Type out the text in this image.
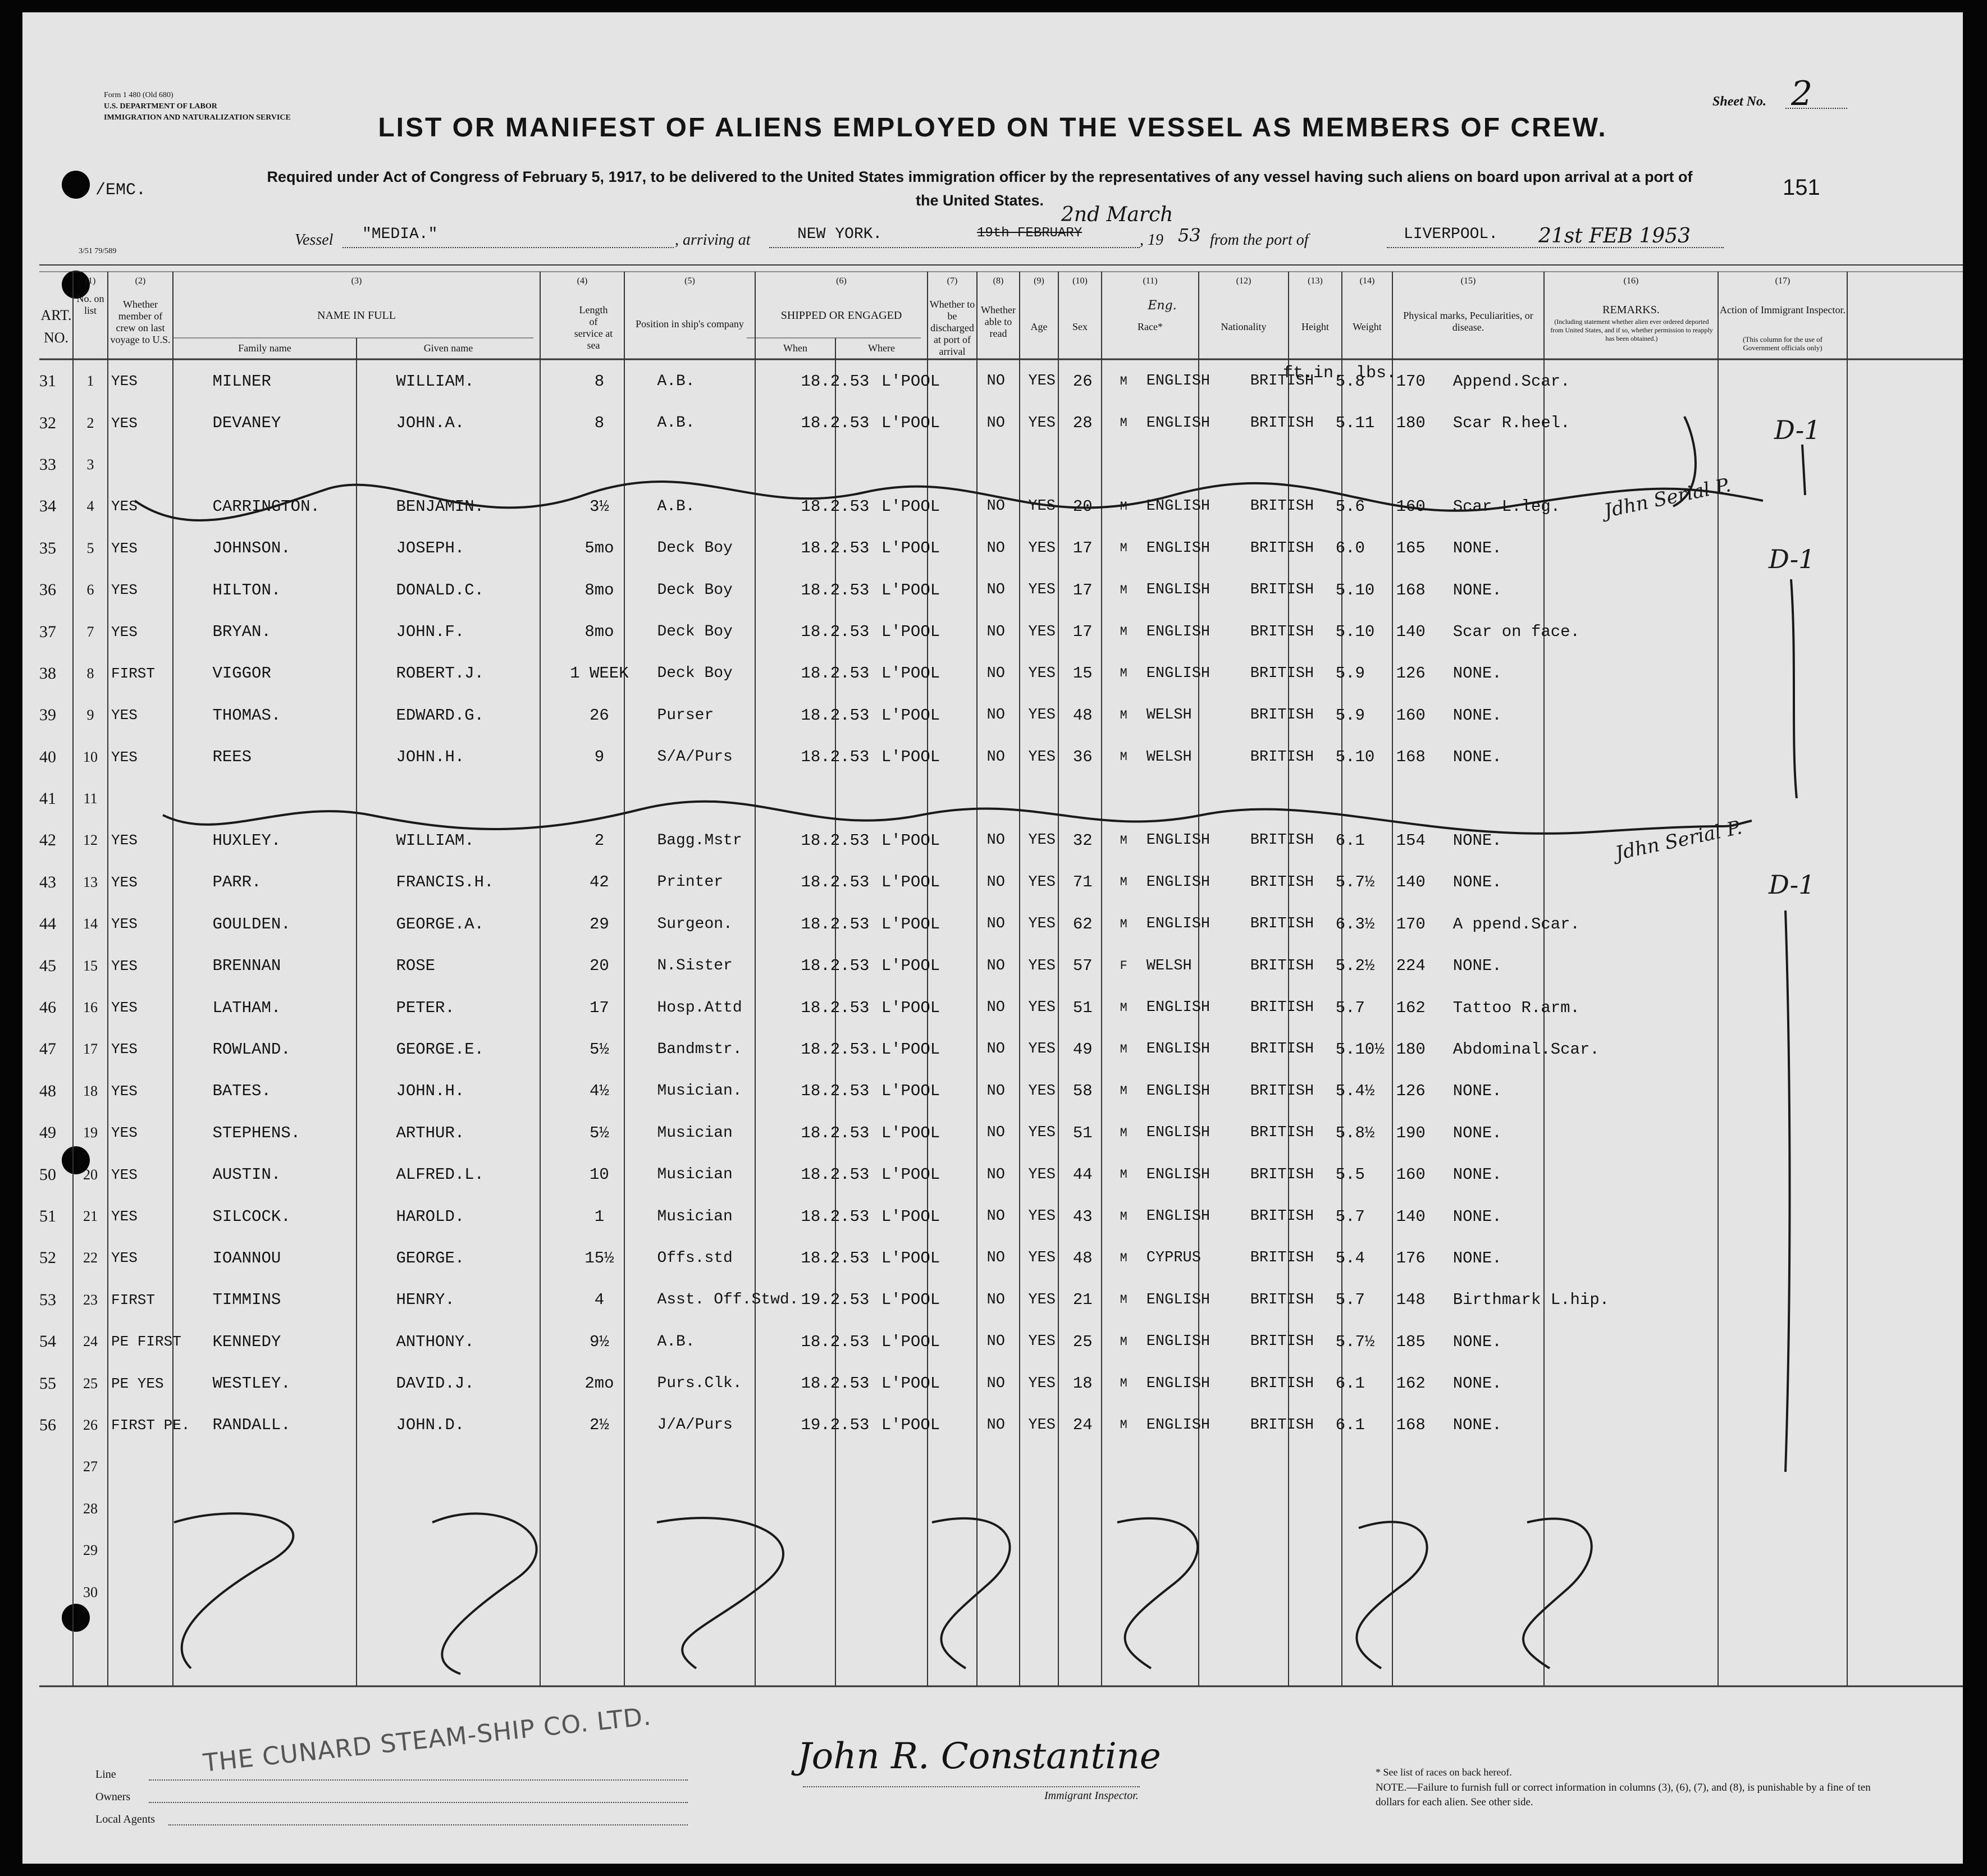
Form 1 480 (Old 680)
U.S. DEPARTMENT OF LABOR
IMMIGRATION AND NATURALIZATION SERVICE
/EMC.
3/51 79/589
Sheet No. 2
151
LIST OR MANIFEST OF ALIENS EMPLOYED ON THE VESSEL AS MEMBERS OF CREW.
Required under Act of Congress of February 5, 1917, to be delivered to the United States immigration officer by the representatives of any vessel having such aliens on board upon arrival at a port of the United States.
Vessel "MEDIA."	, arriving at	NEW YORK.	19th FEBRUARY
2nd March
, 19 53 from the port of	LIVERPOOL. 21st FEB 1953
(1)	(2)	(3)	(4)	(5)	(6)	(7)	(8)	(9)	(10)	(11)	(12)	(13)	(14)	(15)	(16)	(17)
ART. NO.
No. on list
Whether member of crew on last voyage to U.S.
NAME IN FULL
Family name	Given name
Length of service at sea
Position in ship's company
SHIPPED OR ENGAGED
When	Where
Whether to be discharged at port of arrival
Whether able to read
Age	Sex	Race*
Eng.
Nationality	Height	Weight
ft.in. lbs.
Physical marks, Peculiarities, or disease.
REMARKS.
(Including statement whether alien ever ordered deported from United States, and if so, whether permission to reapply has been obtained.)
Action of Immigrant Inspector.
(This column for the use of Government officials only)
31	1	YES	MILNER	WILLIAM.	8	A.B.	18.2.53	L'POOL	NO	YES	26	M	ENGLISH	BRITISH	5.8	170	Append.Scar.
32	2	YES	DEVANEY	JOHN.A.	8	A.B.	18.2.53	L'POOL	NO	YES	28	M	ENGLISH	BRITISH	5.11	180	Scar R.heel.
33	3																
34	4	YES	CARRINGTON.	BENJAMIN.	3½	A.B.	18.2.53	L'POOL	NO	YES	20	M	ENGLISH	BRITISH	5.6	160	Scar L.leg.
35	5	YES	JOHNSON.	JOSEPH.	5mo	Deck Boy	18.2.53	L'POOL	NO	YES	17	M	ENGLISH	BRITISH	6.0	165	NONE.
36	6	YES	HILTON.	DONALD.C.	8mo	Deck Boy	18.2.53	L'POOL	NO	YES	17	M	ENGLISH	BRITISH	5.10	168	NONE.
37	7	YES	BRYAN.	JOHN.F.	8mo	Deck Boy	18.2.53	L'POOL	NO	YES	17	M	ENGLISH	BRITISH	5.10	140	Scar on face.
38	8	FIRST	VIGGOR	ROBERT.J.	1 WEEK	Deck Boy	18.2.53	L'POOL	NO	YES	15	M	ENGLISH	BRITISH	5.9	126	NONE.
39	9	YES	THOMAS.	EDWARD.G.	26	Purser	18.2.53	L'POOL	NO	YES	48	M	WELSH	BRITISH	5.9	160	NONE.
40	10	YES	REES	JOHN.H.	9	S/A/Purs	18.2.53	L'POOL	NO	YES	36	M	WELSH	BRITISH	5.10	168	NONE.
41	11																
42	12	YES	HUXLEY.	WILLIAM.	2	Bagg.Mstr	18.2.53	L'POOL	NO	YES	32	M	ENGLISH	BRITISH	6.1	154	NONE.
43	13	YES	PARR.	FRANCIS.H.	42	Printer	18.2.53	L'POOL	NO	YES	71	M	ENGLISH	BRITISH	5.7½	140	NONE.
44	14	YES	GOULDEN.	GEORGE.A.	29	Surgeon.	18.2.53	L'POOL	NO	YES	62	M	ENGLISH	BRITISH	6.3½	170	A ppend.Scar.
45	15	YES	BRENNAN	ROSE	20	N.Sister	18.2.53	L'POOL	NO	YES	57	F	WELSH	BRITISH	5.2½	224	NONE.
46	16	YES	LATHAM.	PETER.	17	Hosp.Attd	18.2.53	L'POOL	NO	YES	51	M	ENGLISH	BRITISH	5.7	162	Tattoo R.arm.
47	17	YES	ROWLAND.	GEORGE.E.	5½	Bandmstr.	18.2.53.	L'POOL	NO	YES	49	M	ENGLISH	BRITISH	5.10½	180	Abdominal.Scar.
48	18	YES	BATES.	JOHN.H.	4½	Musician.	18.2.53	L'POOL	NO	YES	58	M	ENGLISH	BRITISH	5.4½	126	NONE.
49	19	YES	STEPHENS.	ARTHUR.	5½	Musician	18.2.53	L'POOL	NO	YES	51	M	ENGLISH	BRITISH	5.8½	190	NONE.
50	20	YES	AUSTIN.	ALFRED.L.	10	Musician	18.2.53	L'POOL	NO	YES	44	M	ENGLISH	BRITISH	5.5	160	NONE.
51	21	YES	SILCOCK.	HAROLD.	1	Musician	18.2.53	L'POOL	NO	YES	43	M	ENGLISH	BRITISH	5.7	140	NONE.
52	22	YES	IOANNOU	GEORGE.	15½	Offs.std	18.2.53	L'POOL	NO	YES	48	M	CYPRUS	BRITISH	5.4	176	NONE.
53	23	FIRST	TIMMINS	HENRY.	4	Asst. Off.Stwd.	19.2.53	L'POOL	NO	YES	21	M	ENGLISH	BRITISH	5.7	148	Birthmark L.hip.
54	24	PE FIRST	KENNEDY	ANTHONY.	9½	A.B.	18.2.53	L'POOL	NO	YES	25	M	ENGLISH	BRITISH	5.7½	185	NONE.
55	25	PE YES	WESTLEY.	DAVID.J.	2mo	Purs.Clk.	18.2.53	L'POOL	NO	YES	18	M	ENGLISH	BRITISH	6.1	162	NONE.
56	26	FIRST PE.	RANDALL.	JOHN.D.	2½	J/A/Purs	19.2.53	L'POOL	NO	YES	24	M	ENGLISH	BRITISH	6.1	168	NONE.
	27																
	28																
	29																
	30																
D-1
D-1
D-1
Jdhn Serial P.
Jdhn Serial P.
Line
Owners
Local Agents
THE CUNARD STEAM-SHIP CO. LTD.	John R. Constantine
Immigrant Inspector.
* See list of races on back hereof.
NOTE.—Failure to furnish full or correct information in columns (3), (6), (7), and (8), is punishable by a fine of ten dollars for each alien. See other side.
